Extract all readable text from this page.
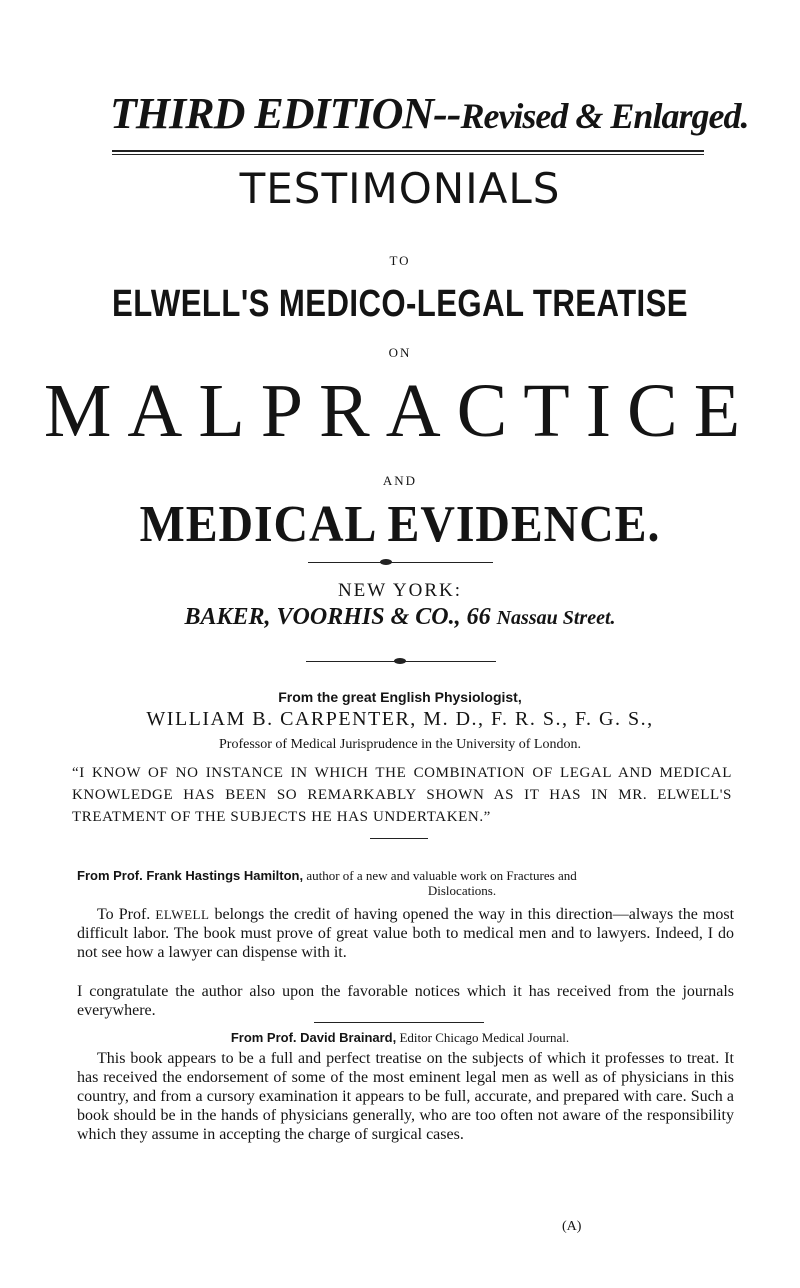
THIRD EDITION--Revised & Enlarged.
TESTIMONIALS
TO
ELWELL'S MEDICO-LEGAL TREATISE
ON
MALPRACTICE
AND
MEDICAL EVIDENCE.
NEW YORK:
BAKER, VOORHIS & CO., 66 Nassau Street.
From the great English Physiologist,
WILLIAM B. CARPENTER, M. D., F. R. S., F. G. S.,
Professor of Medical Jurisprudence in the University of London.
“I KNOW OF NO INSTANCE IN WHICH THE COMBINATION OF LEGAL AND MEDICAL KNOWLEDGE HAS BEEN SO REMARKABLY SHOWN AS IT HAS IN MR. ELWELL'S TREATMENT OF THE SUBJECTS HE HAS UNDERTAKEN.”
From Prof. Frank Hastings Hamilton, author of a new and valuable work on Fractures and
Dislocations.
To Prof. ELWELL belongs the credit of having opened the way in this direction—always the most difficult labor. The book must prove of great value both to medical men and to lawyers. Indeed, I do not see how a lawyer can dispense with it.
I congratulate the author also upon the favorable notices which it has received from the journals everywhere.
From Prof. David Brainard, Editor Chicago Medical Journal.
This book appears to be a full and perfect treatise on the subjects of which it professes to treat. It has received the endorsement of some of the most eminent legal men as well as of physicians in this country, and from a cursory examination it appears to be full, accurate, and prepared with care. Such a book should be in the hands of physicians generally, who are too often not aware of the responsibility which they assume in accepting the charge of surgical cases.
(A)
